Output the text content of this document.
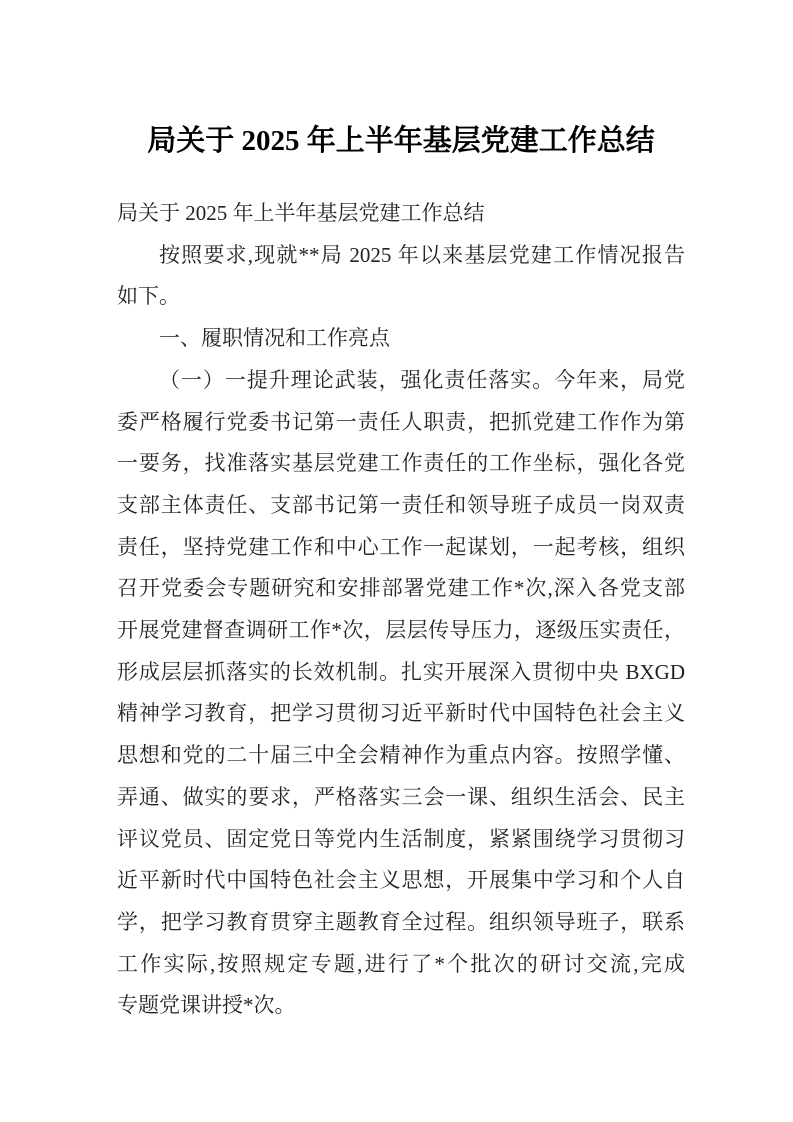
局关于 2025 年上半年基层党建工作总结
局关于 2025 年上半年基层党建工作总结
按照要求,现就**局 2025 年以来基层党建工作情况报告
如下。
一、履职情况和工作亮点
（一）一提升理论武装，强化责任落实。今年来，局党
委严格履行党委书记第一责任人职责，把抓党建工作作为第
一要务，找准落实基层党建工作责任的工作坐标，强化各党
支部主体责任、支部书记第一责任和领导班子成员一岗双责
责任，坚持党建工作和中心工作一起谋划，一起考核，组织
召开党委会专题研究和安排部署党建工作*次,深入各党支部
开展党建督查调研工作*次，层层传导压力，逐级压实责任，
形成层层抓落实的长效机制。扎实开展深入贯彻中央 BXGD
精神学习教育，把学习贯彻习近平新时代中国特色社会主义
思想和党的二十届三中全会精神作为重点内容。按照学懂、
弄通、做实的要求，严格落实三会一课、组织生活会、民主
评议党员、固定党日等党内生活制度，紧紧围绕学习贯彻习
近平新时代中国特色社会主义思想，开展集中学习和个人自
学，把学习教育贯穿主题教育全过程。组织领导班子，联系
工作实际,按照规定专题,进行了*个批次的研讨交流,完成
专题党课讲授*次。
